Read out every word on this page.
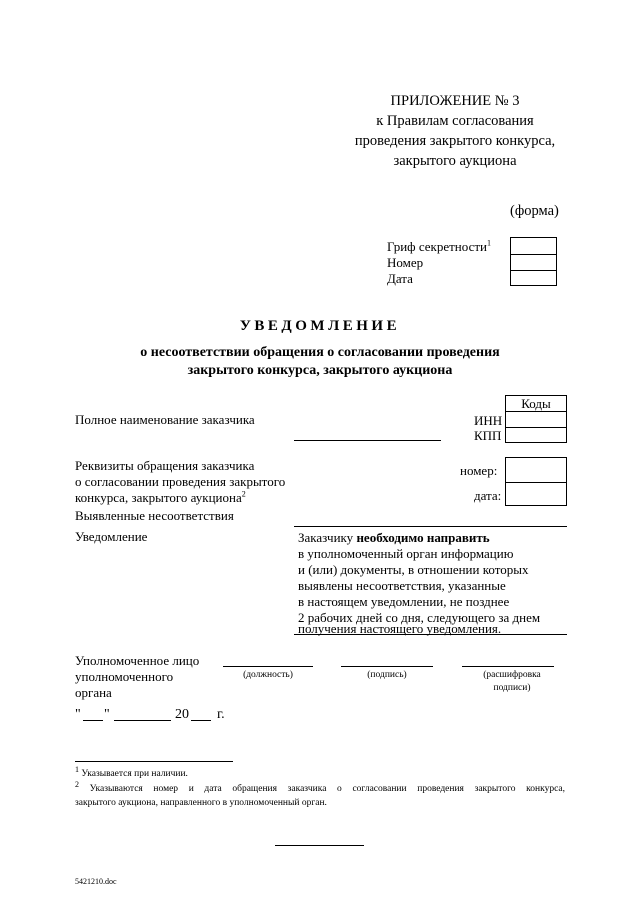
ПРИЛОЖЕНИЕ № 3
к Правилам согласования
проведения закрытого конкурса,
закрытого аукциона
(форма)
Гриф секретности$^1$
Номер
Дата
УВЕДОМЛЕНИЕ
о несоответствии обращения о согласовании проведения
закрытого конкурса, закрытого аукциона
Коды
Полное наименование заказчика	ИНН
КПП
Реквизиты обращения заказчика
о согласовании проведения закрытого
конкурса, закрытого аукциона$^2$
номер:
дата:
Выявленные несоответствия
Уведомление	Заказчику необходимо направить
в уполномоченный орган информацию
и (или) документы, в отношении которых
выявлены несоответствия, указанные
в настоящем уведомлении, не позднее
2 рабочих дней со дня, следующего за днем
получения настоящего уведомления.
Уполномоченное лицо
уполномоченного
органа
(должность)	(подпись)	(расшифровка
подписи)
" "	20 г.
$^1$ Указывается при наличии.
$^2$ Указываются номер и дата обращения заказчика о согласовании проведения закрытого конкурса,
закрытого аукциона, направленного в уполномоченный орган.
5421210.doc
